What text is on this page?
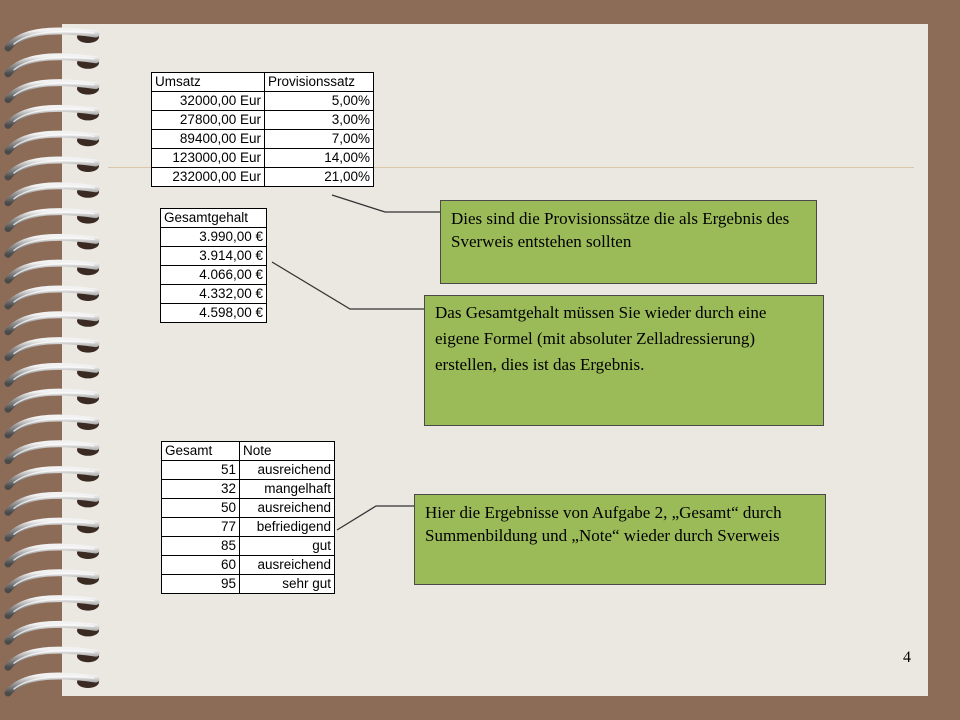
Umsatz	Provisionssatz
32000,00 Eur	5,00%
27800,00 Eur	3,00%
89400,00 Eur	7,00%
123000,00 Eur	14,00%
232000,00 Eur	21,00%
Gesamtgehalt
3.990,00 €
3.914,00 €
4.066,00 €
4.332,00 €
4.598,00 €
Gesamt	Note
51	ausreichend
32	mangelhaft
50	ausreichend
77	befriedigend
85	gut
60	ausreichend
95	sehr gut
Dies sind die Provisionssätze die als Ergebnis des Sverweis entstehen sollten
Das Gesamtgehalt müssen Sie wieder durch eine eigene Formel (mit absoluter Zelladressierung) erstellen, dies ist das Ergebnis.
Hier die Ergebnisse von Aufgabe 2, „Gesamt“ durch Summenbildung und „Note“ wieder durch Sverweis
4
